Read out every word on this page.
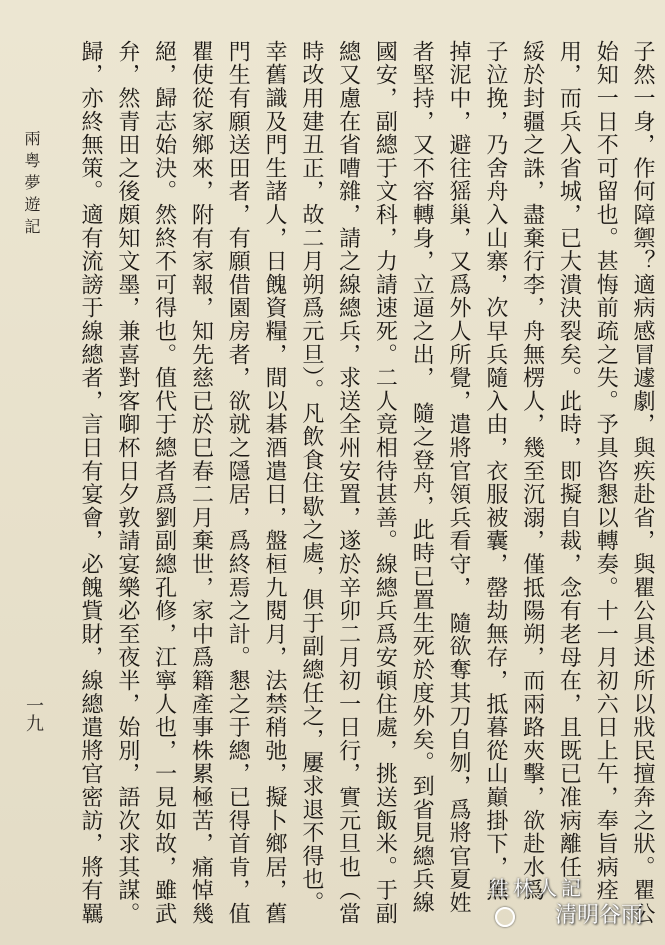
兩粤夢遊記
一九	子然一身，作何障禦？適病感冒遽劇，與疾赴省，與瞿公具述所以戕民擅奔之狀。瞿公
始知一日不可留也。甚悔前疏之失。予具咨懇以轉奏。十一月初六日上午，奉旨病痊
用，而兵入省城，已大潰決裂矣。此時，即擬自裁，念有老母在，且既已准病離任，
綏於封疆之誅，盡棄行李，舟無楞人，幾至沉溺，僅抵陽朔，而兩路夾擊，欲赴水爲
子泣挽，乃舍舟入山寨，次早兵隨入由，衣服被囊，罄劫無存，抵暮從山巔掛下，黑
掉泥中，避往猺巢，又爲外人所覺，遣將官領兵看守，　隨欲奪其刀自刎，爲將官夏姓
者堅持，又不容轉身，立逼之出，　隨之登舟，此時已置生死於度外矣。到省見總兵線
國安，副總于文科，力請速死。二人竟相待甚善。線總兵爲安頓住處，挑送飯米。于副
總又慮在省嘈雜，請之線總兵，求送全州安置，遂於辛卯二月初一日行，實元旦也（當
時改用建丑正，故二月朔爲元旦）。凡飲食住歇之處，俱于副總任之，屢求退不得也。
幸舊識及門生諸人，日餽資糧，間以碁酒遣日，盤桓九閱月，法禁稍弛，擬卜鄉居，舊
門生有願送田者，有願借園房者，欲就之隱居，爲終焉之計。懇之于總，已得首肯，值
瞿使從家鄉來，附有家報，知先慈已於巳春二月棄世，家中爲籍產事株累極苦，痛悼幾
絕，歸志始決。然終不可得也。值代于總者爲劉副總孔修，江寧人也，一見如故，雖武
弁，然青田之後頗知文墨，兼喜對客啣杯日夕敦請宴樂必至夜半，始別，語次求其謀。
歸，亦終無策。適有流謗于線總者，言日有宴會，必餽貲財，線總遣將官密訪，將有羈	徃林人記
清明谷雨
